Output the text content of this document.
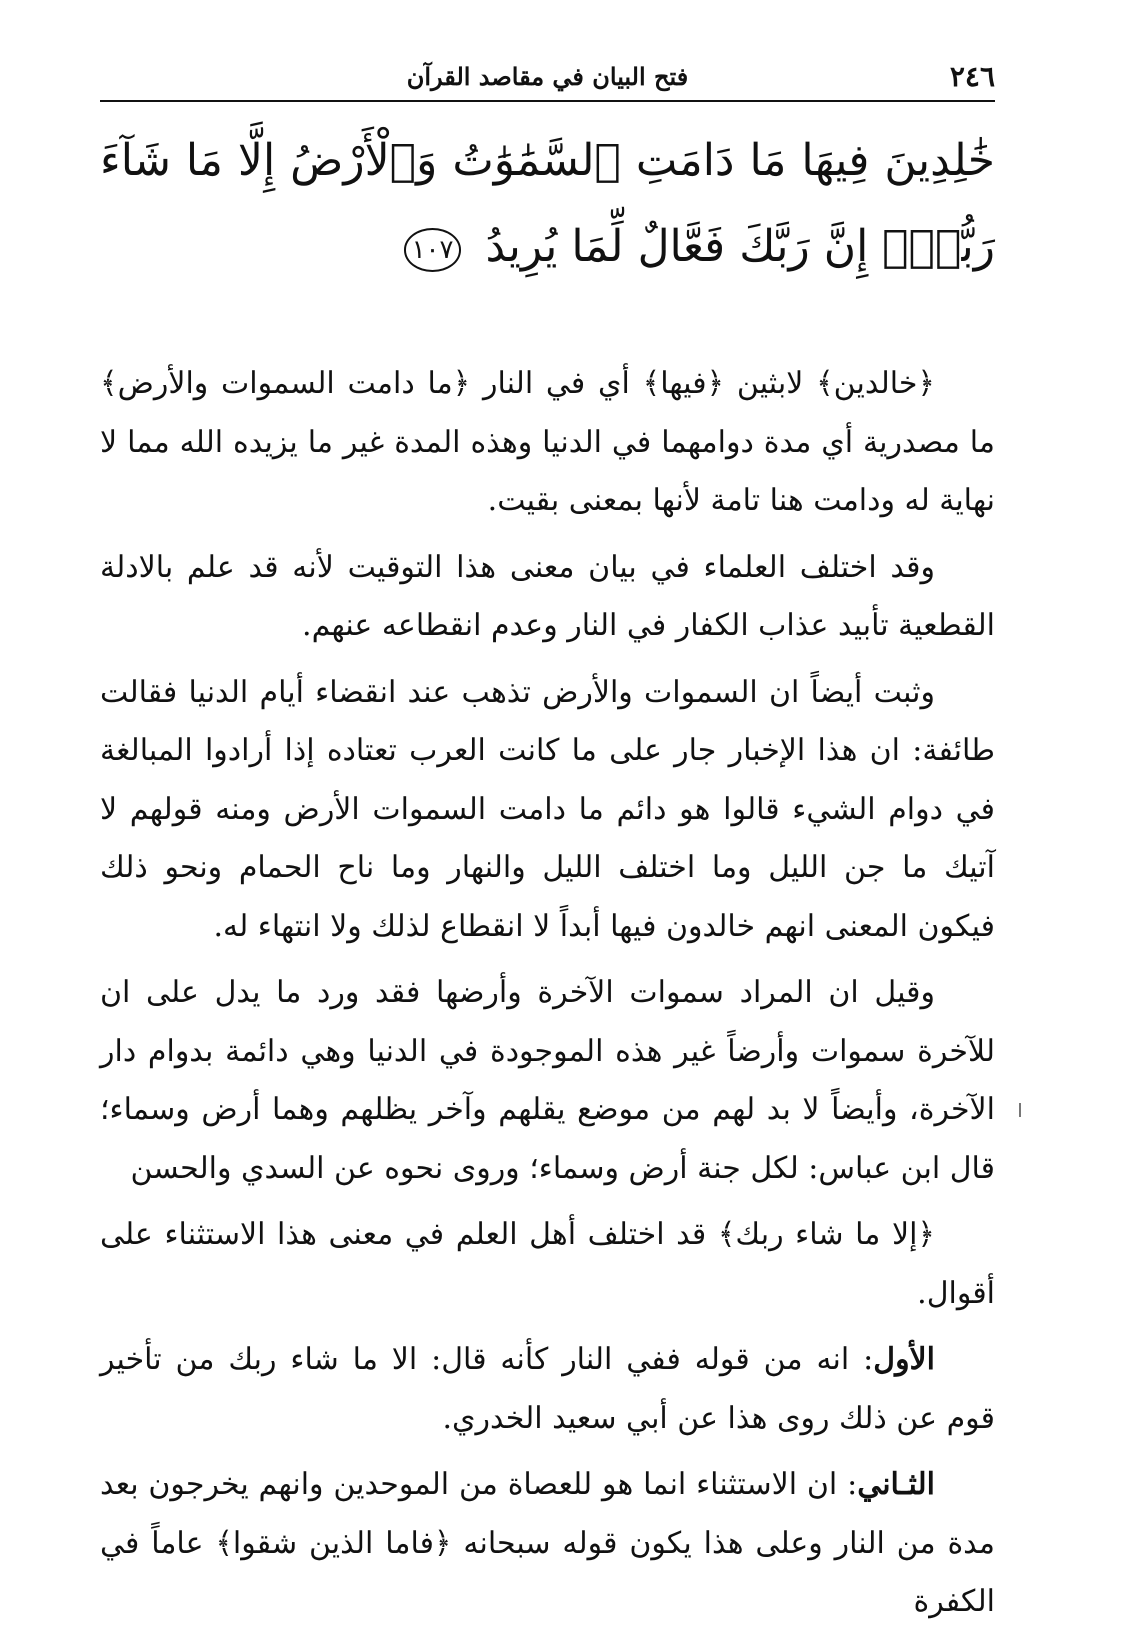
٢٤٦
فتح البيان في مقاصد القرآن
خَٰلِدِينَ فِيهَا مَا دَامَتِ ٱلسَّمَٰوَٰتُ وَٱلْأَرْضُ إِلَّا مَا شَآءَ رَبُّكَۚ إِنَّ رَبَّكَ فَعَّالٌ لِّمَا يُرِيدُ ١٠٧

﴿خالدين﴾ لابثين ﴿فيها﴾ أي في النار ﴿ما دامت السموات والأرض﴾ ما مصدرية أي مدة دوامهما في الدنيا وهذه المدة غير ما يزيده الله مما لا نهاية له ودامت هنا تامة لأنها بمعنى بقيت.

وقد اختلف العلماء في بيان معنى هذا التوقيت لأنه قد علم بالادلة القطعية تأبيد عذاب الكفار في النار وعدم انقطاعه عنهم.

وثبت أيضاً ان السموات والأرض تذهب عند انقضاء أيام الدنيا فقالت طائفة: ان هذا الإخبار جار على ما كانت العرب تعتاده إذا أرادوا المبالغة في دوام الشيء قالوا هو دائم ما دامت السموات الأرض ومنه قولهم لا آتيك ما جن الليل وما اختلف الليل والنهار وما ناح الحمام ونحو ذلك فيكون المعنى انهم خالدون فيها أبداً لا انقطاع لذلك ولا انتهاء له.

وقيل ان المراد سموات الآخرة وأرضها فقد ورد ما يدل على ان للآخرة سموات وأرضاً غير هذه الموجودة في الدنيا وهي دائمة بدوام دار الآخرة، وأيضاً لا بد لهم من موضع يقلهم وآخر يظلهم وهما أرض وسماء؛ قال ابن عباس: لكل جنة أرض وسماء؛ وروى نحوه عن السدي والحسن

﴿إلا ما شاء ربك﴾ قد اختلف أهل العلم في معنى هذا الاستثناء على أقوال.

الأول: انه من قوله ففي النار كأنه قال: الا ما شاء ربك من تأخير قوم عن ذلك روى هذا عن أبي سعيد الخدري.

الثـاني: ان الاستثناء انما هو للعصاة من الموحدين وانهم يخرجون بعد مدة من النار وعلى هذا يكون قوله سبحانه ﴿فاما الذين شقوا﴾ عاماً في الكفرة
